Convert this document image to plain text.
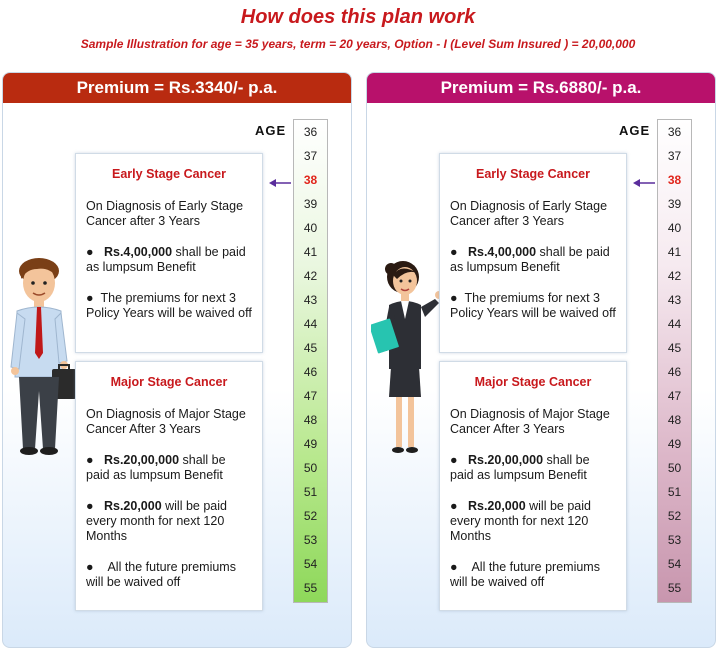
How does this plan work
Sample Illustration for age = 35 years, term = 20 years, Option - I (Level Sum Insured ) = 20,00,000
Premium = Rs.3340/- p.a.
Early Stage Cancer

On Diagnosis of Early Stage Cancer after 3 Years

●   Rs.4,00,000 shall be paid as lumpsum Benefit

●  The premiums for next 3 Policy Years will be waived off

Major Stage Cancer

On Diagnosis of Major Stage Cancer After 3 Years

●   Rs.20,00,000 shall be paid as lumpsum Benefit

●   Rs.20,000 will be paid every month for next 120 Months

●    All the future premiums will be waived off

AGE	36
37
38
39
40
41
42
43
44
45
46
47
48
49
50
51
52
53
54
55
Premium = Rs.6880/- p.a.
Early Stage Cancer

On Diagnosis of Early Stage Cancer after 3 Years

●   Rs.4,00,000 shall be paid as lumpsum Benefit

●  The premiums for next 3 Policy Years will be waived off

Major Stage Cancer

On Diagnosis of Major Stage Cancer After 3 Years

●   Rs.20,00,000 shall be paid as lumpsum Benefit

●   Rs.20,000 will be paid every month for next 120 Months

●    All the future premiums will be waived off

AGE	36
37
38
39
40
41
42
43
44
45
46
47
48
49
50
51
52
53
54
55
